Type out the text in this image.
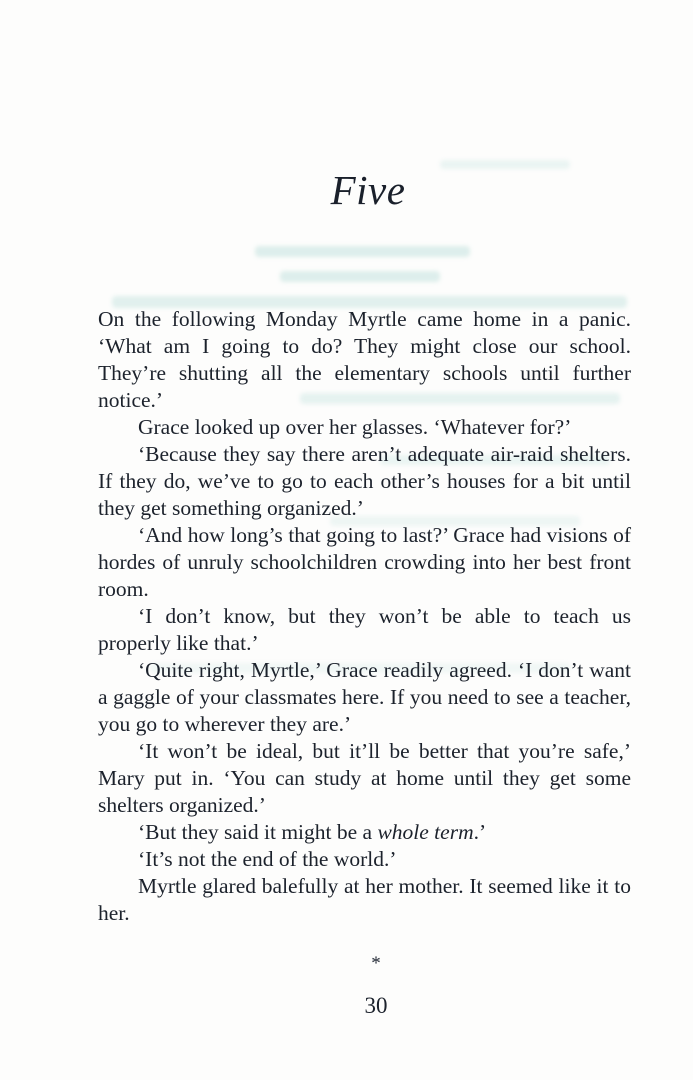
Five

On the following Monday Myrtle came home in a panic. ‘What am I going to do? They might close our school. They’re shutting all the elementary schools until further notice.’

Grace looked up over her glasses. ‘Whatever for?’

‘Because they say there aren’t adequate air-raid shelters. If they do, we’ve to go to each other’s houses for a bit until they get something organized.’

‘And how long’s that going to last?’ Grace had visions of hordes of unruly schoolchildren crowding into her best front room.

‘I don’t know, but they won’t be able to teach us properly like that.’

‘Quite right, Myrtle,’ Grace readily agreed. ‘I don’t want a gaggle of your classmates here. If you need to see a teacher, you go to wherever they are.’

‘It won’t be ideal, but it’ll be better that you’re safe,’ Mary put in. ‘You can study at home until they get some shelters organized.’

‘But they said it might be a whole term.’

‘It’s not the end of the world.’

Myrtle glared balefully at her mother. It seemed like it to her.

*
30
